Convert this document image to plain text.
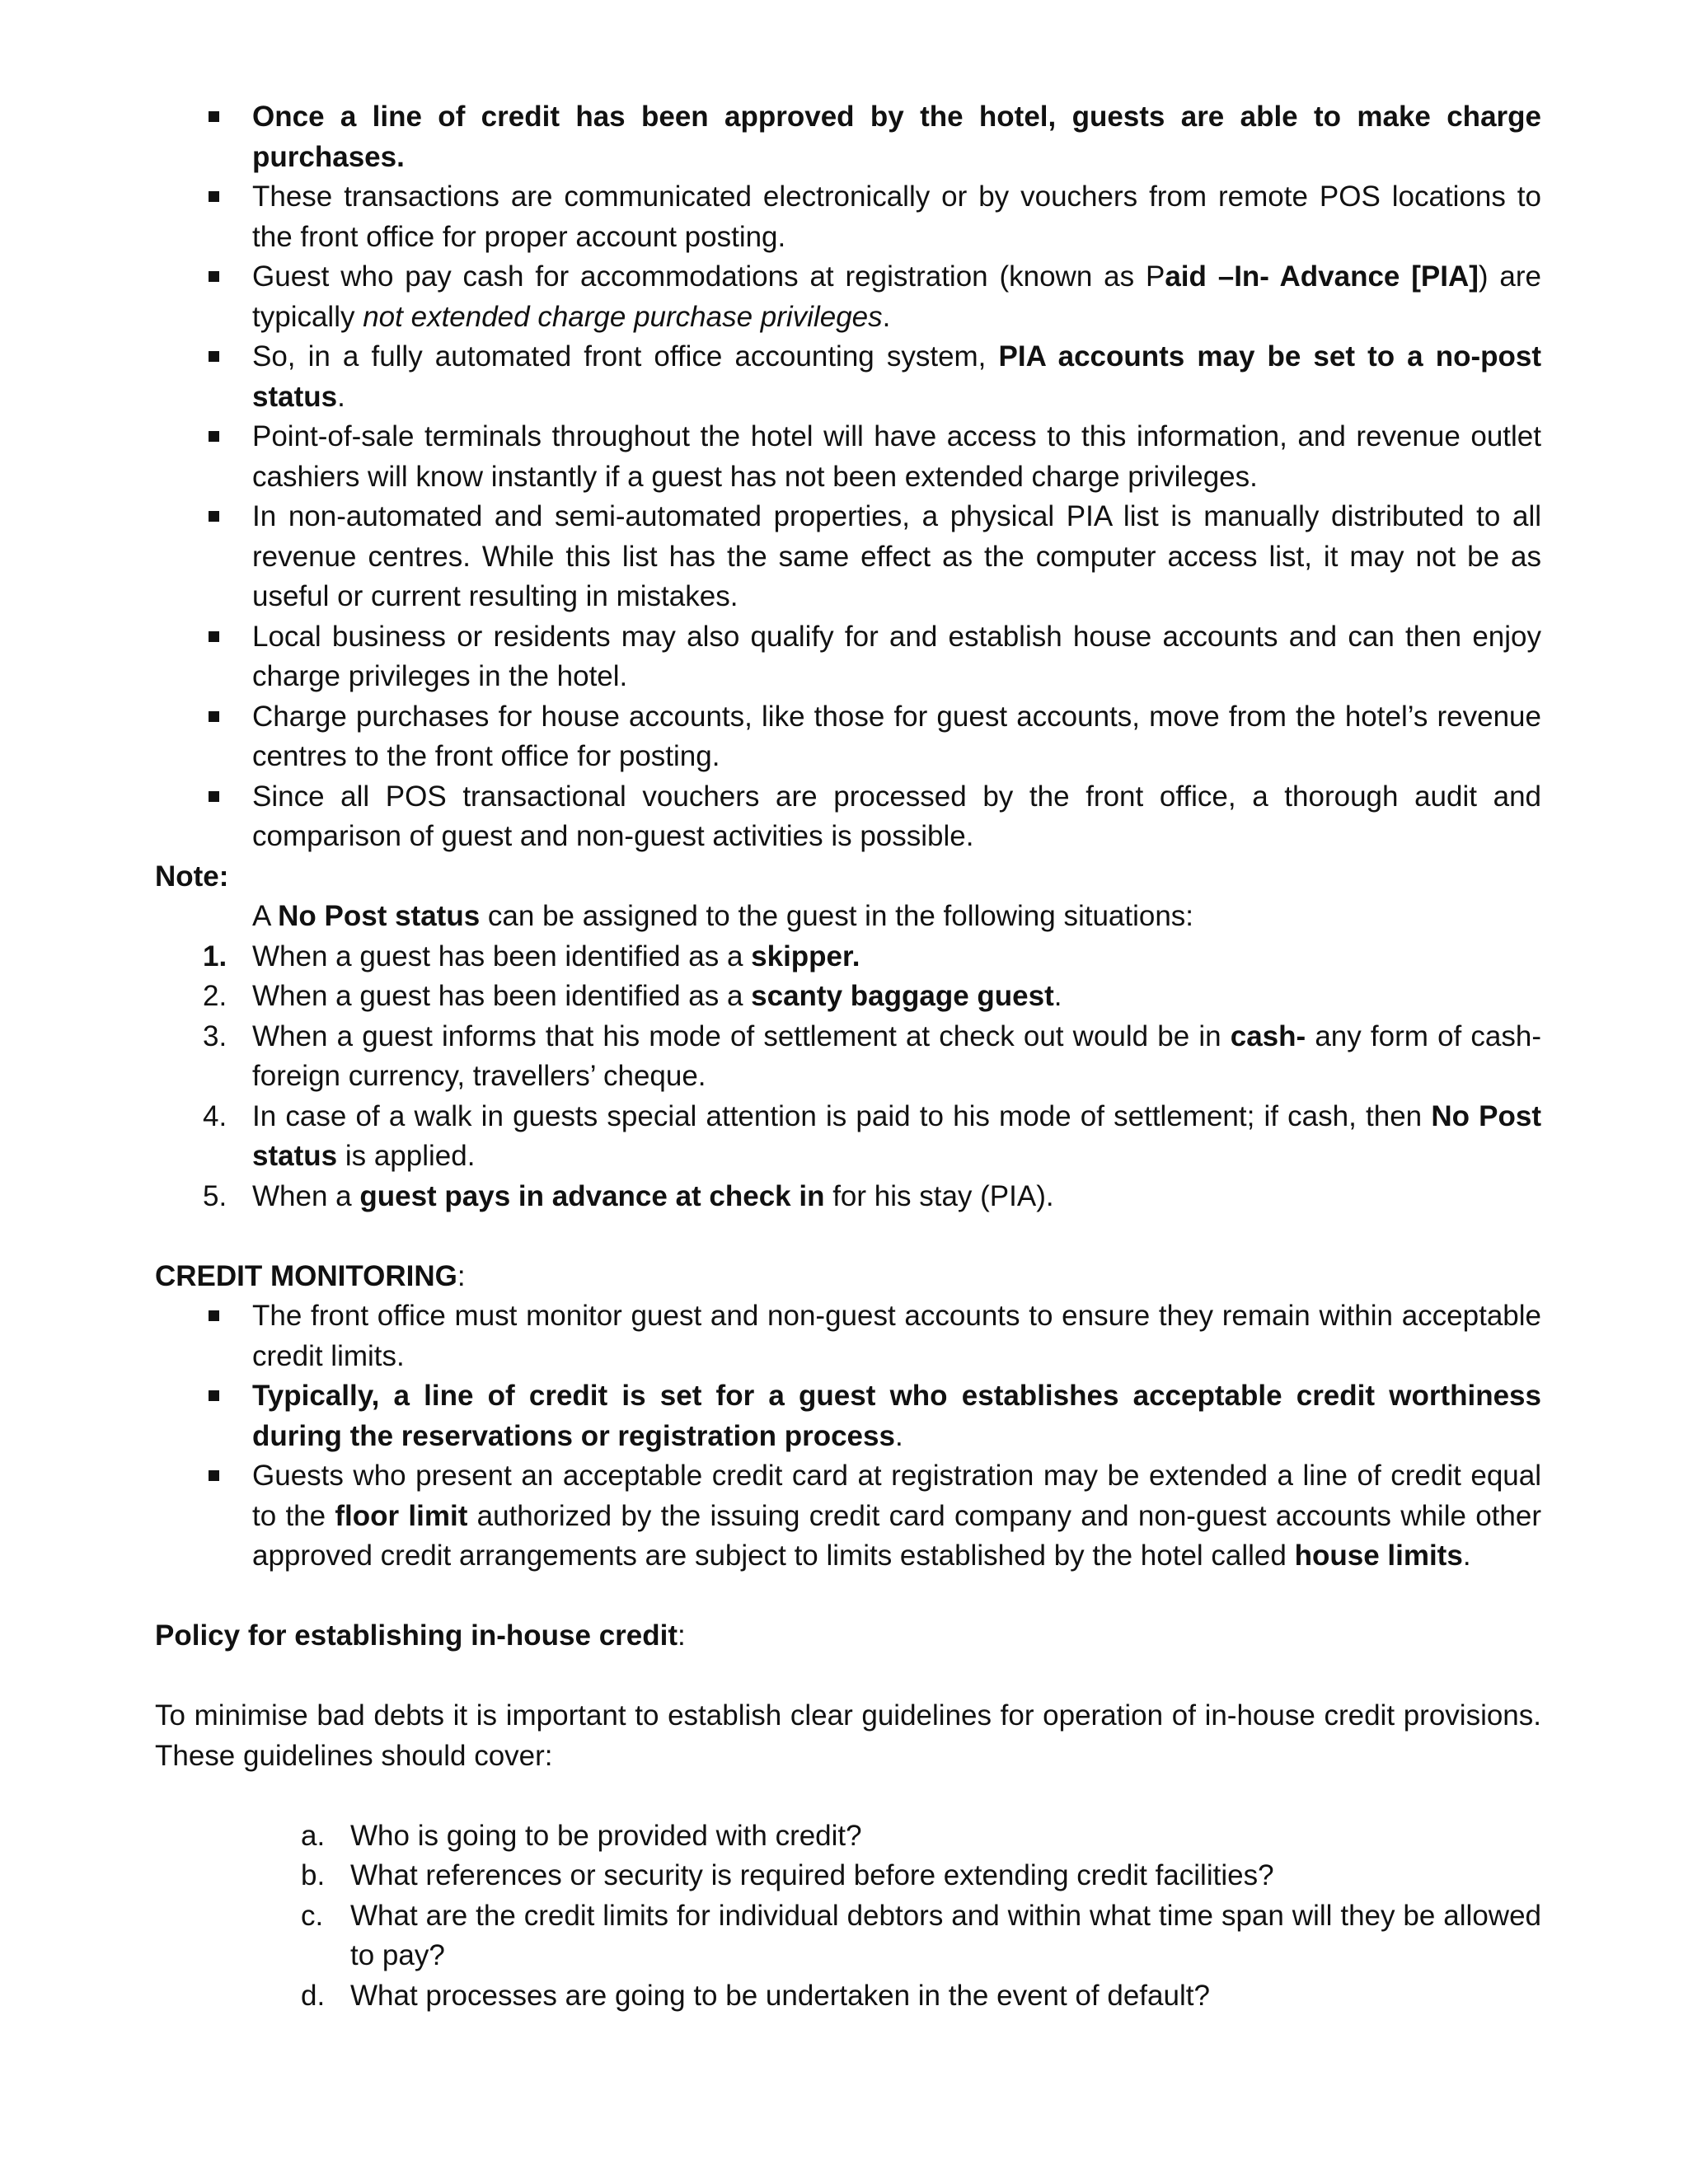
Once a line of credit has been approved by the hotel, guests are able to make charge purchases.
These transactions are communicated electronically or by vouchers from remote POS locations to the front office for proper account posting.
Guest who pay cash for accommodations at registration (known as Paid –In- Advance [PIA]) are typically not extended charge purchase privileges.
So, in a fully automated front office accounting system, PIA accounts may be set to a no-post status.
Point-of-sale terminals throughout the hotel will have access to this information, and revenue outlet cashiers will know instantly if a guest has not been extended charge privileges.
In non-automated and semi-automated properties, a physical PIA list is manually distributed to all revenue centres. While this list has the same effect as the computer access list, it may not be as useful or current resulting in mistakes.
Local business or residents may also qualify for and establish house accounts and can then enjoy charge privileges in the hotel.
Charge purchases for house accounts, like those for guest accounts, move from the hotel’s revenue centres to the front office for posting.
Since all POS transactional vouchers are processed by the front office, a thorough audit and comparison of guest and non-guest activities is possible.

Note:

A No Post status can be assigned to the guest in the following situations:

1. When a guest has been identified as a skipper.
2. When a guest has been identified as a scanty baggage guest.
3. When a guest informs that his mode of settlement at check out would be in cash- any form of cash- foreign currency, travellers’ cheque.
4. In case of a walk in guests special attention is paid to his mode of settlement; if cash, then No Post status is applied.
5. When a guest pays in advance at check in for his stay (PIA).

CREDIT MONITORING:

The front office must monitor guest and non-guest accounts to ensure they remain within acceptable credit limits.
Typically, a line of credit is set for a guest who establishes acceptable credit worthiness during the reservations or registration process.
Guests who present an acceptable credit card at registration may be extended a line of credit equal to the floor limit authorized by the issuing credit card company and non-guest accounts while other approved credit arrangements are subject to limits established by the hotel called house limits.

Policy for establishing in-house credit:

To minimise bad debts it is important to establish clear guidelines for operation of in-house credit provisions. These guidelines should cover:

a. Who is going to be provided with credit?
b. What references or security is required before extending credit facilities?
c. What are the credit limits for individual debtors and within what time span will they be allowed to pay?
d. What processes are going to be undertaken in the event of default?
